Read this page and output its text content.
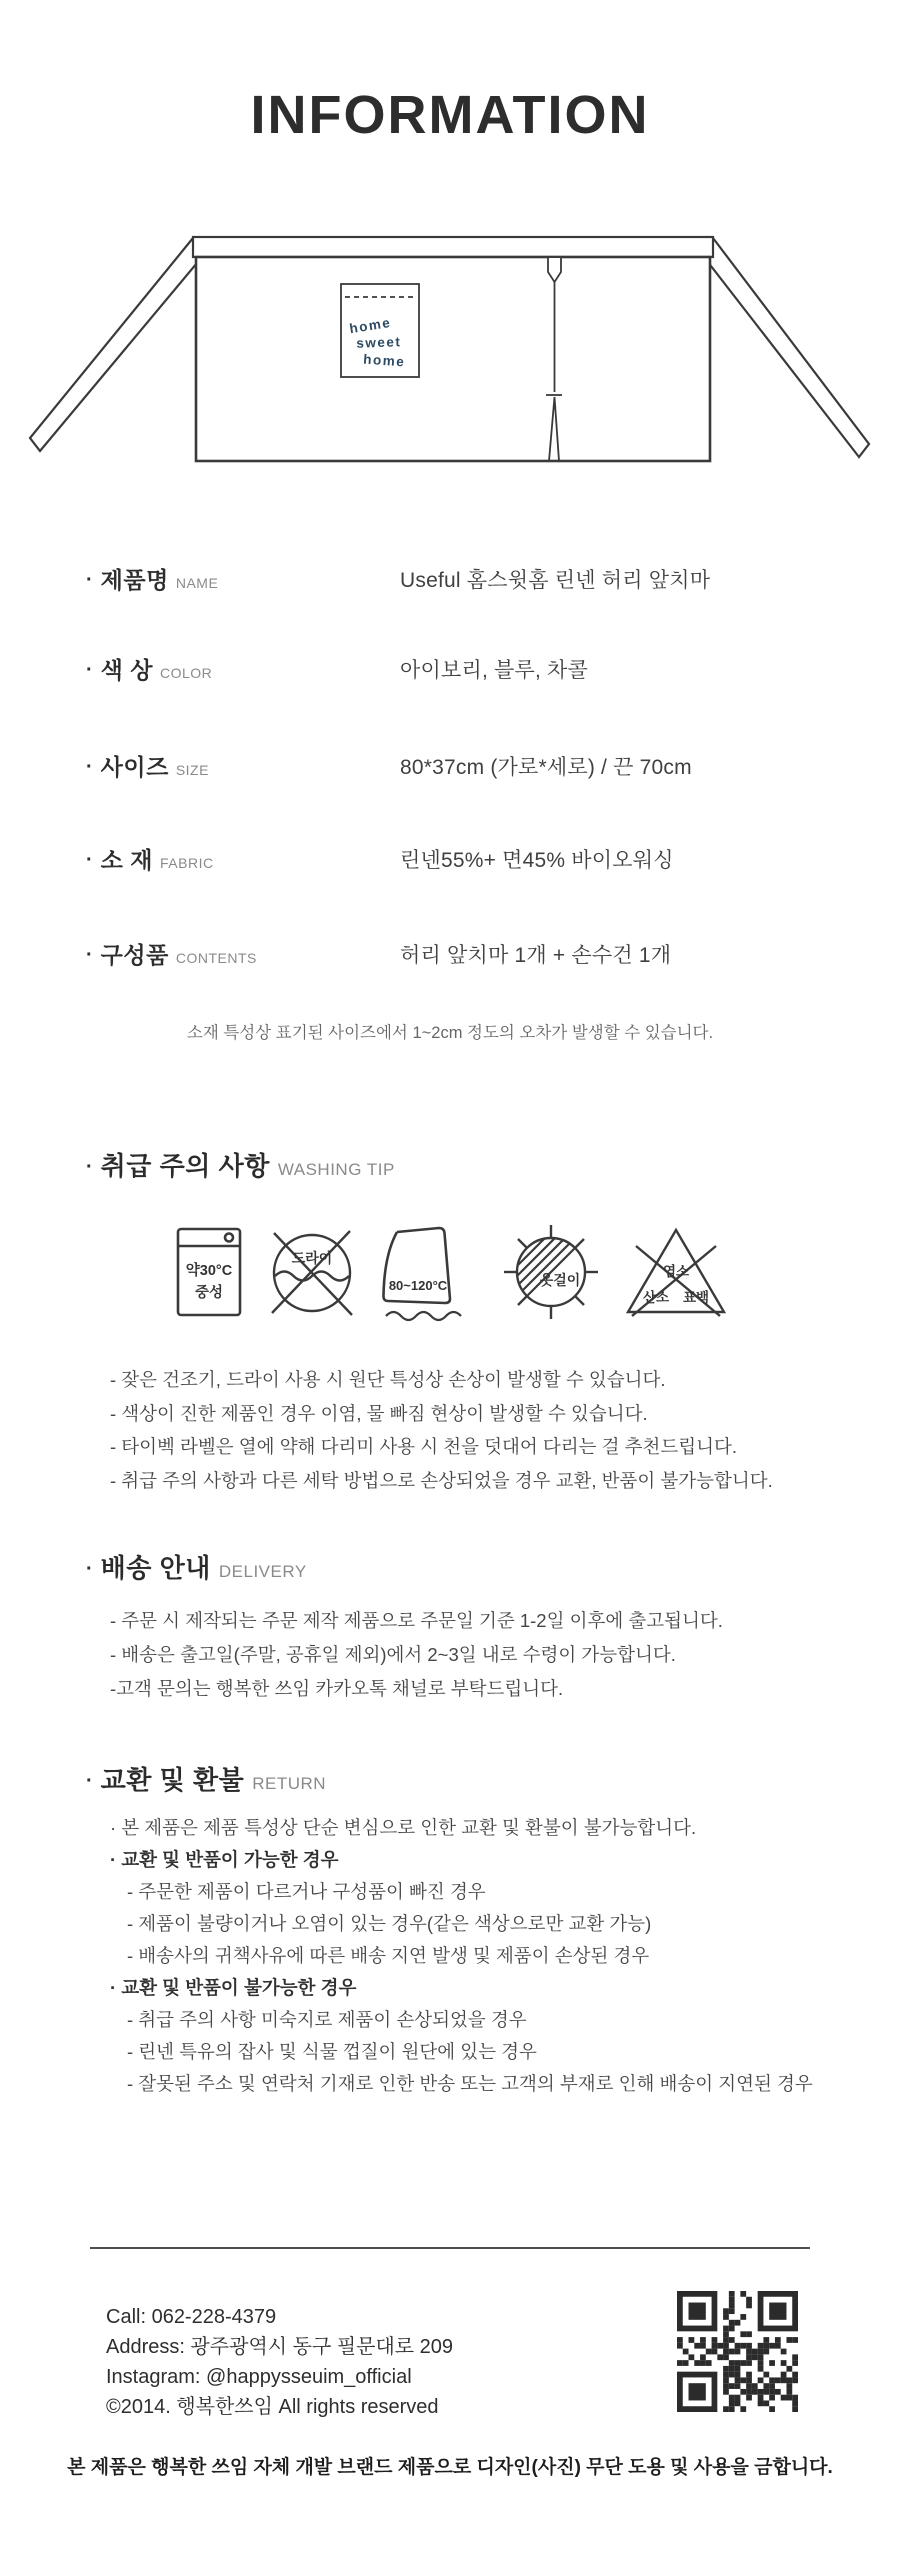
INFORMATION
home
sweet
home
· 제품명 NAME	Useful 홈스윗홈 린넨 허리 앞치마
· 색 상 COLOR	아이보리, 블루, 차콜
· 사이즈 SIZE	80*37cm (가로*세로) / 끈 70cm
· 소 재 FABRIC	린넨55%+ 면45% 바이오워싱
· 구성품 CONTENTS	허리 앞치마 1개 + 손수건 1개
소재 특성상 표기된 사이즈에서 1~2cm 정도의 오차가 발생할 수 있습니다.
· 취급 주의 사항 WASHING TIP
약30°C
중성
드라이
80~120°C	옷걸이
염소
산소 표백
- 잦은 건조기, 드라이 사용 시 원단 특성상 손상이 발생할 수 있습니다.
- 색상이 진한 제품인 경우 이염, 물 빠짐 현상이 발생할 수 있습니다.
- 타이벡 라벨은 열에 약해 다리미 사용 시 천을 덧대어 다리는 걸 추천드립니다.
- 취급 주의 사항과 다른 세탁 방법으로 손상되었을 경우 교환, 반품이 불가능합니다.
· 배송 안내 DELIVERY
- 주문 시 제작되는 주문 제작 제품으로 주문일 기준 1-2일 이후에 출고됩니다.
- 배송은 출고일(주말, 공휴일 제외)에서 2~3일 내로 수령이 가능합니다.
-고객 문의는 행복한 쓰임 카카오톡 채널로 부탁드립니다.
· 교환 및 환불 RETURN
· 본 제품은 제품 특성상 단순 변심으로 인한 교환 및 환불이 불가능합니다.
· 교환 및 반품이 가능한 경우
- 주문한 제품이 다르거나 구성품이 빠진 경우
- 제품이 불량이거나 오염이 있는 경우(같은 색상으로만 교환 가능)
- 배송사의 귀책사유에 따른 배송 지연 발생 및 제품이 손상된 경우
· 교환 및 반품이 불가능한 경우
- 취급 주의 사항 미숙지로 제품이 손상되었을 경우
- 린넨 특유의 잡사 및 식물 껍질이 원단에 있는 경우
- 잘못된 주소 및 연락처 기재로 인한 반송 또는 고객의 부재로 인해 배송이 지연된 경우
Call: 062-228-4379
Address: 광주광역시 동구 필문대로 209
Instagram: @happysseuim_official
©2014. 행복한쓰임 All rights reserved
본 제품은 행복한 쓰임 자체 개발 브랜드 제품으로 디자인(사진) 무단 도용 및 사용을 금합니다.
